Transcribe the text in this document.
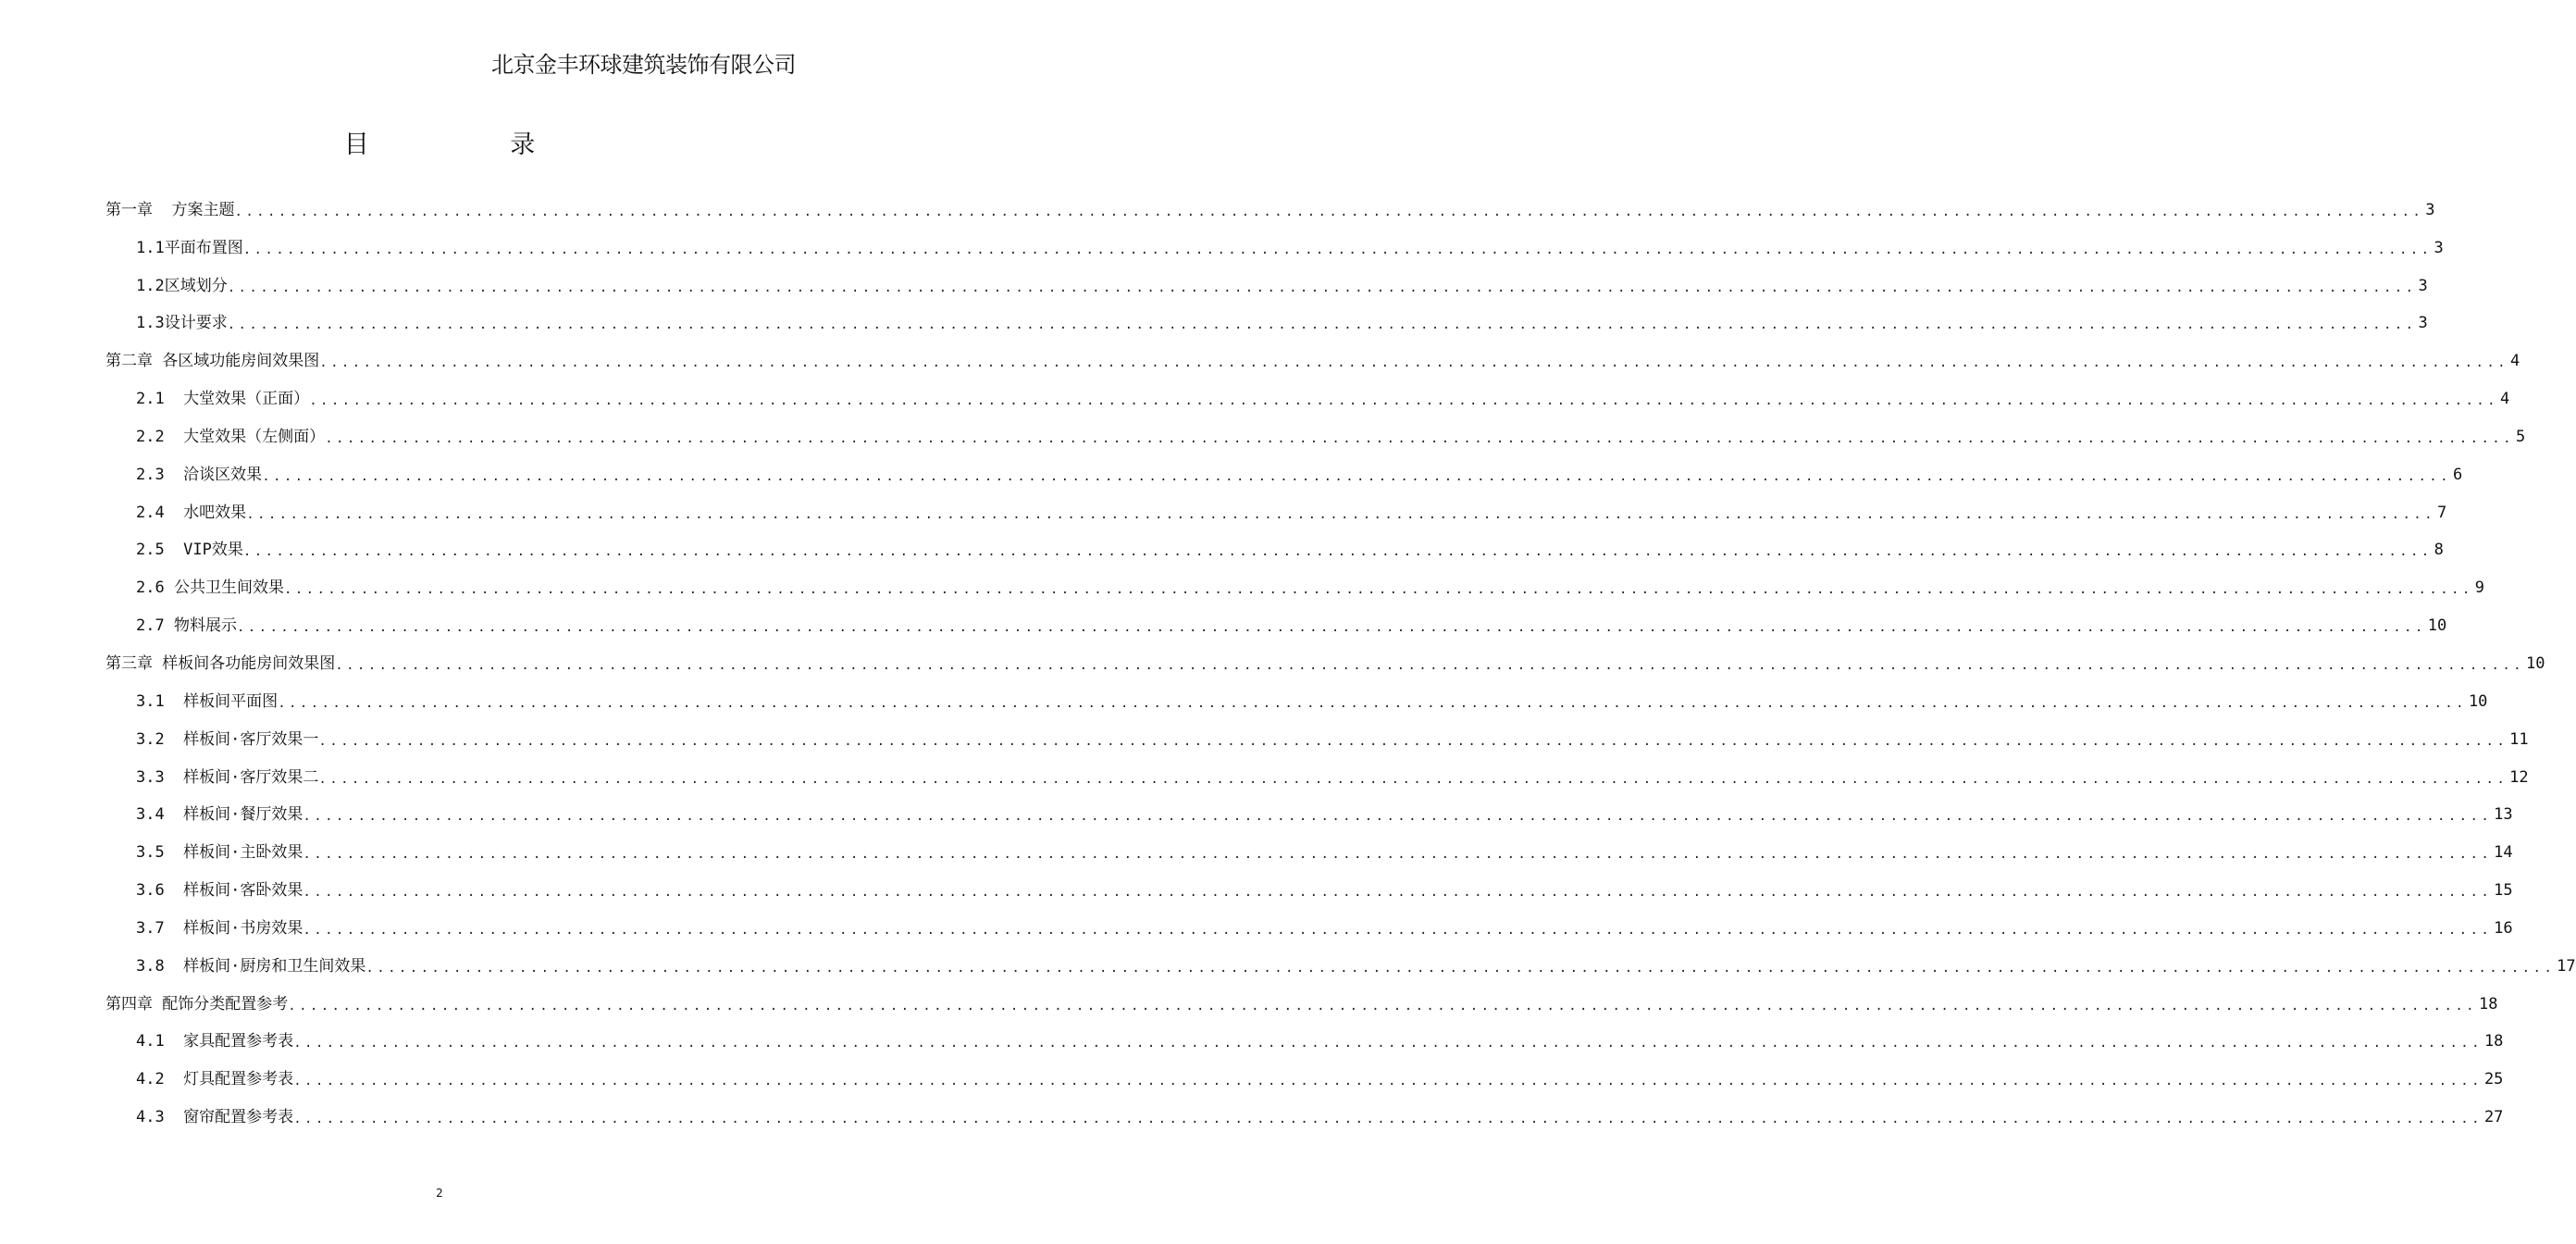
北京金丰环球建筑装饰有限公司
目 录
第一章  方案主题 ........................................................................................................................................................................................................ 3
1.1平面布置图 ........................................................................................................................................................................................................ 3
1.2区域划分 ........................................................................................................................................................................................................ 3
1.3设计要求 ........................................................................................................................................................................................................ 3
第二章 各区域功能房间效果图 ........................................................................................................................................................................................................ 4
2.1  大堂效果（正面） ........................................................................................................................................................................................................ 4
2.2  大堂效果（左侧面） ........................................................................................................................................................................................................ 5
2.3  洽谈区效果 ........................................................................................................................................................................................................ 6
2.4  水吧效果 ........................................................................................................................................................................................................ 7
2.5  VIP效果 ........................................................................................................................................................................................................ 8
2.6 公共卫生间效果 ........................................................................................................................................................................................................ 9
2.7 物料展示 ........................................................................................................................................................................................................ 10
第三章 样板间各功能房间效果图 ........................................................................................................................................................................................................ 10
3.1  样板间平面图 ........................................................................................................................................................................................................ 10
3.2  样板间·客厅效果一 ........................................................................................................................................................................................................ 11
3.3  样板间·客厅效果二 ........................................................................................................................................................................................................ 12
3.4  样板间·餐厅效果 ........................................................................................................................................................................................................ 13
3.5  样板间·主卧效果 ........................................................................................................................................................................................................ 14
3.6  样板间·客卧效果 ........................................................................................................................................................................................................ 15
3.7  样板间·书房效果 ........................................................................................................................................................................................................ 16
3.8  样板间·厨房和卫生间效果 ........................................................................................................................................................................................................ 17
第四章 配饰分类配置参考 ........................................................................................................................................................................................................ 18
4.1  家具配置参考表 ........................................................................................................................................................................................................ 18
4.2  灯具配置参考表 ........................................................................................................................................................................................................ 25
4.3  窗帘配置参考表 ........................................................................................................................................................................................................ 27
2
